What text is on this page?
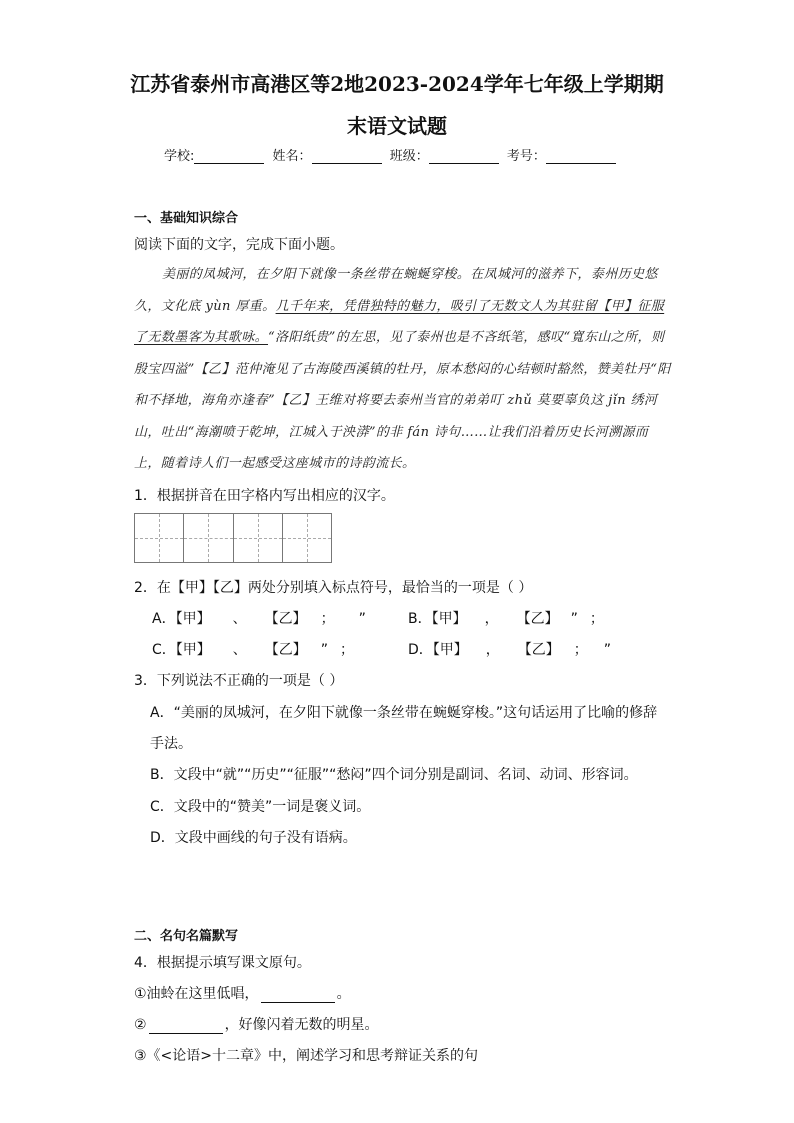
江苏省泰州市高港区等2地2023-2024学年七年级上学期期
末语文试题
学校:	姓名：	班级：	考号：
一、基础知识综合
阅读下面的文字，完成下面小题。
美丽的凤城河，在夕阳下就像一条丝带在蜿蜒穿梭。在凤城河的滋养下，泰州历史悠久，文化底 yùn 厚重。几千年来，凭借独特的魅力，吸引了无数文人为其驻留【甲】征服了无数墨客为其歌咏。“洛阳纸贵”的左思，见了泰州也是不吝纸笔，感叹“寬东山之所，则殷宝四溢”【乙】范仲淹见了古海陵西溪镇的牡丹，原本愁闷的心结顿时豁然，赞美牡丹“阳和不择地，海角亦逢春”【乙】王维对将要去泰州当官的弟弟叮 zhǔ 莫要辜负这 jǐn 绣河山，吐出“海潮喷于乾坤，江城入于泱漭”的非 fán 诗句……让我们沿着历史长河溯源而上，随着诗人们一起感受这座城市的诗韵流长。
1．根据拼音在田字格内写出相应的汉字。
2．在【甲】【乙】两处分别填入标点符号，最恰当的一项是（ ）
A．【甲】 、 【乙】 ； ”	B．【甲】 ， 【乙】 ” ；
C．【甲】 、 【乙】 ” ；	D．【甲】 ， 【乙】 ； ”
3．下列说法不正确的一项是（ ）
A．“美丽的凤城河，在夕阳下就像一条丝带在蜿蜒穿梭。”这句话运用了比喻的修辞
手法。
B．文段中“就”“历史”“征服”“愁闷”四个词分别是副词、名词、动词、形容词。
C．文段中的“赞美”一词是褒义词。
D．文段中画线的句子没有语病。
二、名句名篇默写
4．根据提示填写课文原句。
①油蛉在这里低唱，	。
②	，好像闪着无数的明星。
③《<论语>十二章》中，阐述学习和思考辩证关系的句
